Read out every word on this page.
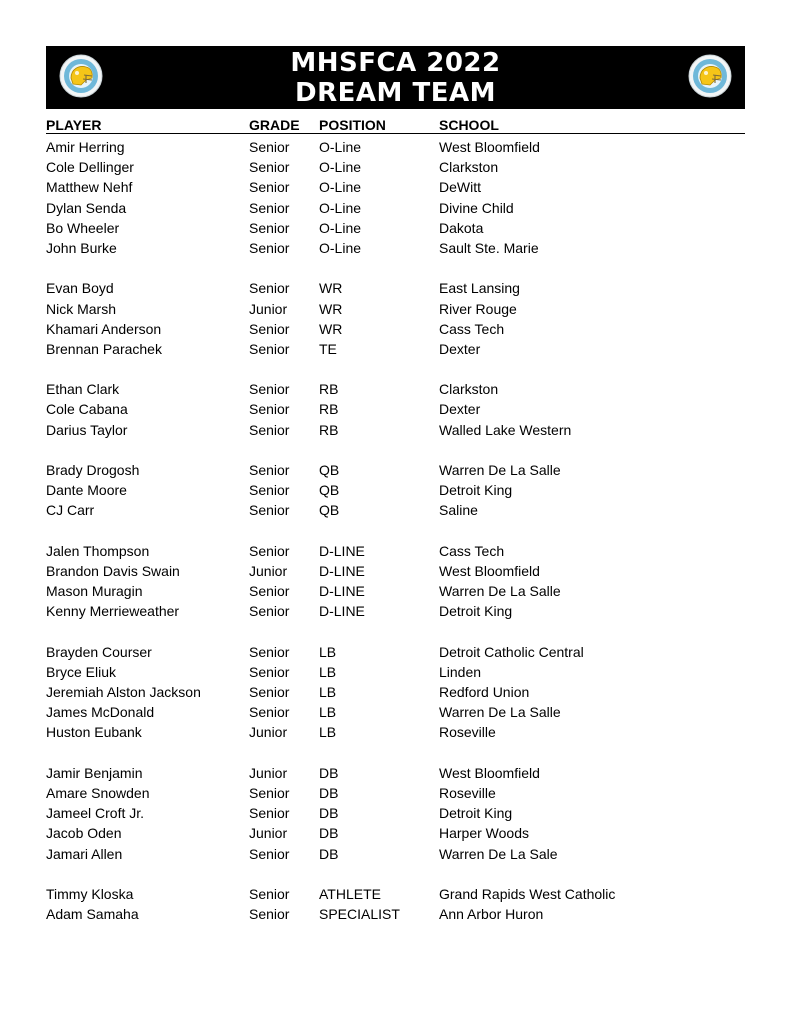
MHSFCA 2022
DREAM TEAM
PLAYER	GRADE POSITION	SCHOOL
Amir Herring	Senior O-Line	West Bloomfield
Cole Dellinger	Senior O-Line	Clarkston
Matthew Nehf	Senior O-Line	DeWitt
Dylan Senda	Senior O-Line	Divine Child
Bo Wheeler	Senior O-Line	Dakota
John Burke	Senior O-Line	Sault Ste. Marie
Evan Boyd	Senior WR	East Lansing
Nick Marsh	Junior WR	River Rouge
Khamari Anderson	Senior WR	Cass Tech
Brennan Parachek	Senior TE	Dexter
Ethan Clark	Senior RB	Clarkston
Cole Cabana	Senior RB	Dexter
Darius Taylor	Senior RB	Walled Lake Western
Brady Drogosh	Senior QB	Warren De La Salle
Dante Moore	Senior QB	Detroit King
CJ Carr	Senior QB	Saline
Jalen Thompson	Senior D-LINE	Cass Tech
Brandon Davis Swain	Junior D-LINE	West Bloomfield
Mason Muragin	Senior D-LINE	Warren De La Salle
Kenny Merrieweather	Senior D-LINE	Detroit King
Brayden Courser	Senior LB	Detroit Catholic Central
Bryce Eliuk	Senior LB	Linden
Jeremiah Alston Jackson	Senior LB	Redford Union
James McDonald	Senior LB	Warren De La Salle
Huston Eubank	Junior LB	Roseville
Jamir Benjamin	Junior DB	West Bloomfield
Amare Snowden	Senior DB	Roseville
Jameel Croft Jr.	Senior DB	Detroit King
Jacob Oden	Junior DB	Harper Woods
Jamari Allen	Senior DB	Warren De La Sale
Timmy Kloska	Senior ATHLETE	Grand Rapids West Catholic
Adam Samaha	Senior SPECIALIST	Ann Arbor Huron
